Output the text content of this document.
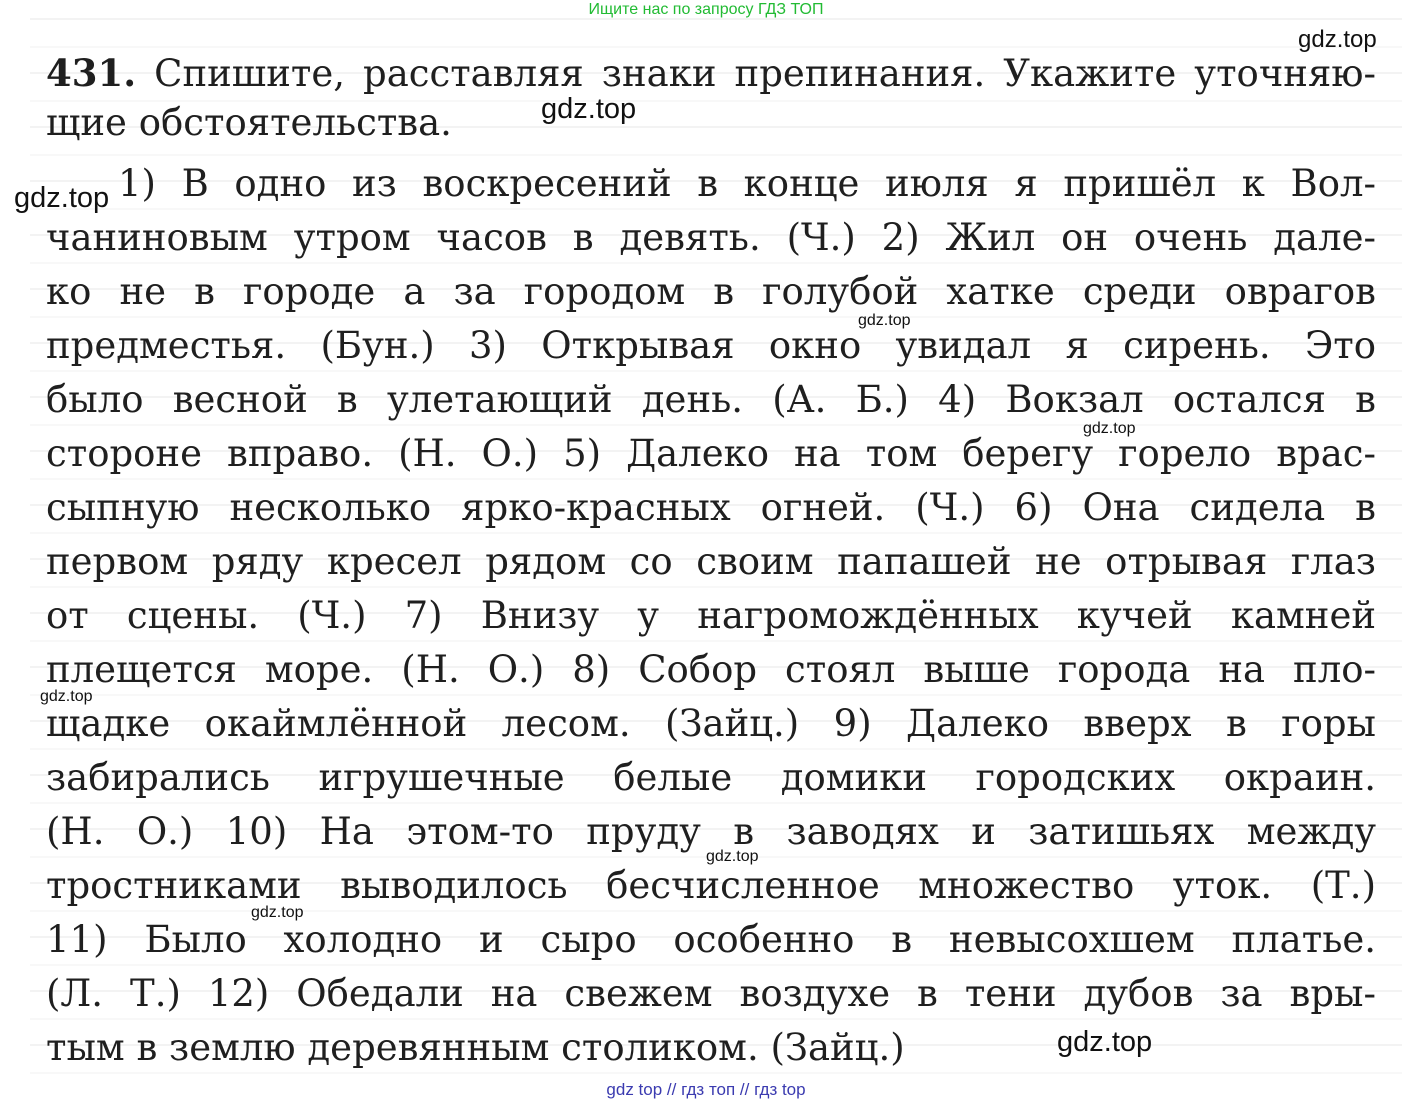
Ищите нас по запросу ГДЗ ТОП
431. Спишите, расставляя знаки препинания. Укажите уточняю-
щие обстоятельства.
1) В одно из воскресений в конце июля я пришёл к Вол-
чаниновым утром часов в девять. (Ч.) 2) Жил он очень дале-
ко не в городе а за городом в голубой хатке среди оврагов
предместья. (Бун.) 3) Открывая окно увидал я сирень. Это
было весной в улетающий день. (А. Б.) 4) Вокзал остался в
стороне вправо. (Н. О.) 5) Далеко на том берегу горело врас-
сыпную несколько ярко-красных огней. (Ч.) 6) Она сидела в
первом ряду кресел рядом со своим папашей не отрывая глаз
от сцены. (Ч.) 7) Внизу у нагромождённых кучей камней
плещется море. (Н. О.) 8) Собор стоял выше города на пло-
щадке окаймлённой лесом. (Зайц.) 9) Далеко вверх в горы
забирались игрушечные белые домики городских окраин.
(Н. О.) 10) На этом-то пруду в заводях и затишьях между
тростниками выводилось бесчисленное множество уток. (Т.)
11) Было холодно и сыро особенно в невысохшем платье.
(Л. Т.) 12) Обедали на свежем воздухе в тени дубов за вры-
тым в землю деревянным столиком. (Зайц.)
gdz.top
gdz.top
gdz.top
gdz.top
gdz.top
gdz.top
gdz.top
gdz.top
gdz.top
gdz top // гдз топ // гдз top
